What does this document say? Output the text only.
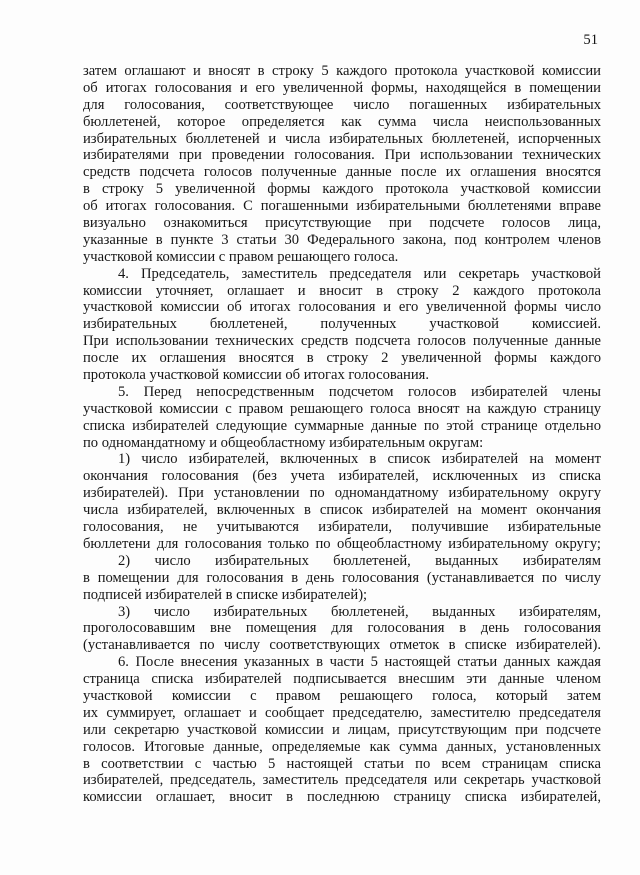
51
затем оглашают и вносят в строку 5 каждого протокола участковой комиссии
об итогах голосования и его увеличенной формы, находящейся в помещении
для голосования, соответствующее число погашенных избирательных
бюллетеней, которое определяется как сумма числа неиспользованных
избирательных бюллетеней и числа избирательных бюллетеней, испорченных
избирателями при проведении голосования. При использовании технических
средств подсчета голосов полученные данные после их оглашения вносятся
в строку 5 увеличенной формы каждого протокола участковой комиссии
об итогах голосования. С погашенными избирательными бюллетенями вправе
визуально ознакомиться присутствующие при подсчете голосов лица,
указанные в пункте 3 статьи 30 Федерального закона, под контролем членов
участковой комиссии с правом решающего голоса.
4. Председатель, заместитель председателя или секретарь участковой
комиссии уточняет, оглашает и вносит в строку 2 каждого протокола
участковой комиссии об итогах голосования и его увеличенной формы число
избирательных бюллетеней, полученных участковой комиссией.
При использовании технических средств подсчета голосов полученные данные
после их оглашения вносятся в строку 2 увеличенной формы каждого
протокола участковой комиссии об итогах голосования.
5. Перед непосредственным подсчетом голосов избирателей члены
участковой комиссии с правом решающего голоса вносят на каждую страницу
списка избирателей следующие суммарные данные по этой странице отдельно
по одномандатному и общеобластному избирательным округам:
1) число избирателей, включенных в список избирателей на момент
окончания голосования (без учета избирателей, исключенных из списка
избирателей). При установлении по одномандатному избирательному округу
числа избирателей, включенных в список избирателей на момент окончания
голосования, не учитываются избиратели, получившие избирательные
бюллетени для голосования только по общеобластному избирательному округу;
2) число избирательных бюллетеней, выданных избирателям
в помещении для голосования в день голосования (устанавливается по числу
подписей избирателей в списке избирателей);
3) число избирательных бюллетеней, выданных избирателям,
проголосовавшим вне помещения для голосования в день голосования
(устанавливается по числу соответствующих отметок в списке избирателей).
6. После внесения указанных в части 5 настоящей статьи данных каждая
страница списка избирателей подписывается внесшим эти данные членом
участковой комиссии с правом решающего голоса, который затем
их суммирует, оглашает и сообщает председателю, заместителю председателя
или секретарю участковой комиссии и лицам, присутствующим при подсчете
голосов. Итоговые данные, определяемые как сумма данных, установленных
в соответствии с частью 5 настоящей статьи по всем страницам списка
избирателей, председатель, заместитель председателя или секретарь участковой
комиссии оглашает, вносит в последнюю страницу списка избирателей,
